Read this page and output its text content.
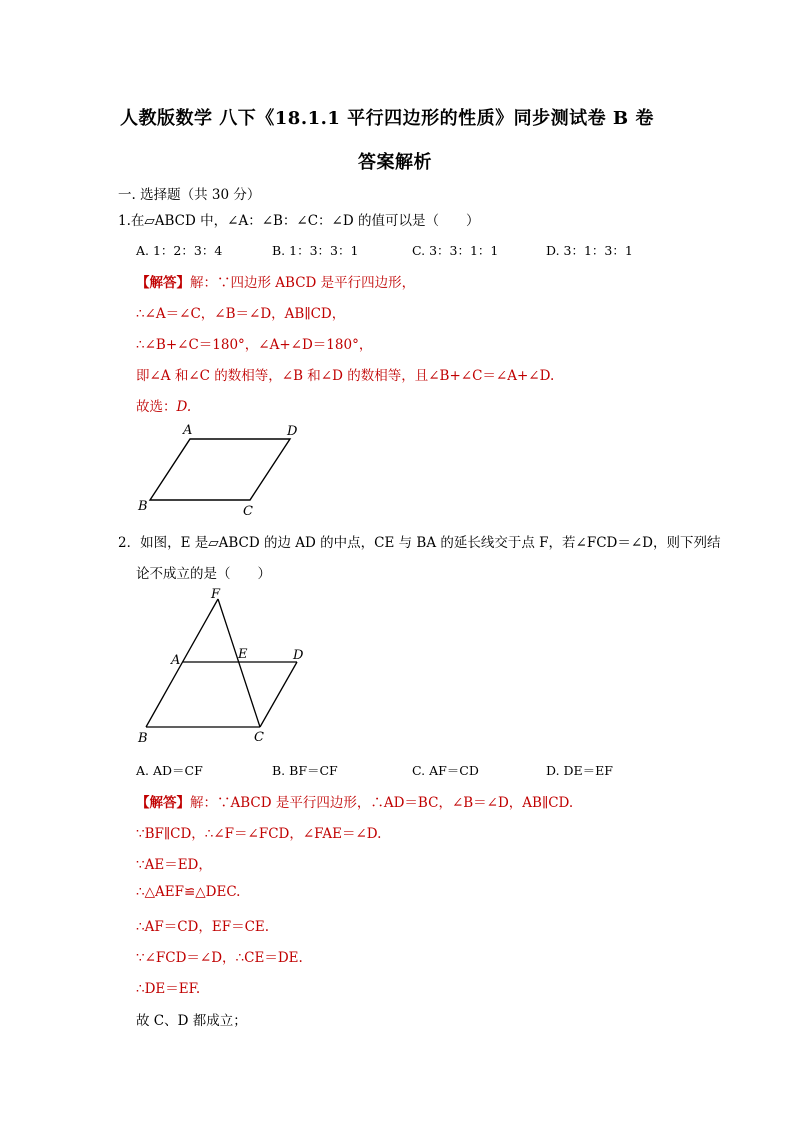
人教版数学 八下《18.1.1 平行四边形的性质》同步测试卷 B 卷
答案解析
一. 选择题（共 30 分）
1.在▱ABCD 中，∠A：∠B：∠C：∠D 的值可以是（　　）
A. 1：2：3：4	B. 1：3：3：1	C. 3：3：1：1	D. 3：1：3：1
【解答】解：∵四边形 ABCD 是平行四边形，
∴∠A＝∠C，∠B＝∠D，AB∥CD，
∴∠B+∠C＝180°，∠A+∠D＝180°，
即∠A 和∠C 的数相等，∠B 和∠D 的数相等，且∠B+∠C＝∠A+∠D.
故选：D.
A	D
B	C
2．如图，E 是▱ABCD 的边 AD 的中点，CE 与 BA 的延长线交于点 F，若∠FCD＝∠D，则下列结
论不成立的是（　　）
F
A	E	D
B	C
A. AD＝CF	B. BF＝CF	C. AF＝CD	D. DE＝EF
【解答】解：∵ABCD 是平行四边形，∴AD＝BC，∠B＝∠D，AB∥CD.
∵BF∥CD，∴∠F＝∠FCD，∠FAE＝∠D.
∵AE＝ED，
∴△AEF≌△DEC.
∴AF＝CD，EF＝CE.
∵∠FCD＝∠D，∴CE＝DE.
∴DE＝EF.
故 C、D 都成立；
